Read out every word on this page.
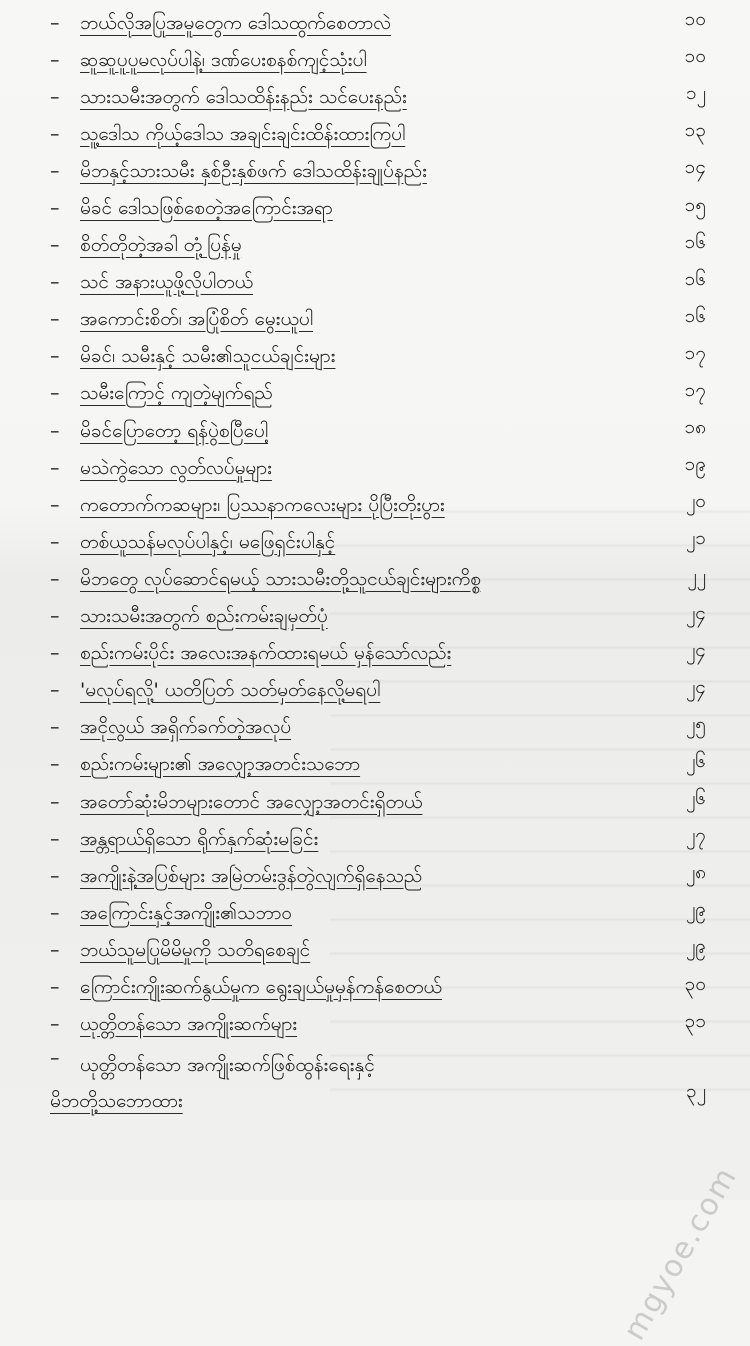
–	ဘယ်လိုအပြုအမူတွေက ဒေါသထွက်စေတာလဲ	၁၀
–	ဆူဆူပူပူမလုပ်ပါနဲ့၊ ဒဏ်ပေးစနစ်ကျင့်သုံးပါ	၁၀
–	သားသမီးအတွက် ဒေါသထိန်းနည်း သင်ပေးနည်း	၁၂
–	သူ့ဒေါသ ကိုယ့်ဒေါသ အချင်းချင်းထိန်းထားကြပါ	၁၃
–	မိဘနှင့်သားသမီး နှစ်ဦးနှစ်ဖက် ဒေါသထိန်းချုပ်နည်း	၁၄
–	မိခင် ဒေါသဖြစ်စေတဲ့အကြောင်းအရာ	၁၅
–	စိတ်တိုတဲ့အခါ တုံ့ပြန်မှု	၁၆
–	သင် အနားယူဖို့လိုပါတယ်	၁၆
–	အကောင်းစိတ်၊ အပြုံစိတ် မွေးယူပါ	၁၆
–	မိခင်၊ သမီးနှင့် သမီး၏သူငယ်ချင်းများ	၁၇
–	သမီးကြောင့် ကျတဲ့မျက်ရည်	၁၇
–	မိခင်ပြောတော့ ရန်ပွဲစပြီပေါ့	၁၈
–	မသဲကွဲသော လွတ်လပ်မှုများ	၁၉
–	ကတောက်ကဆများ၊ ပြဿနာကလေးများ ပိုပြီးတိုးပွား	၂၀
–	တစ်ယူသန်မလုပ်ပါနှင့်၊ မဖြေရှင်းပါနှင့်	၂၁
–	မိဘတွေ လုပ်ဆောင်ရမယ့် သားသမီးတို့သူငယ်ချင်းများကိစ္စ	၂၂
–	သားသမီးအတွက် စည်းကမ်းချမှတ်ပုံ	၂၄
–	စည်းကမ်းပိုင်း အလေးအနက်ထားရမယ် မှန်သော်လည်း	၂၄
–	'မလုပ်ရလို့' ယတိပြတ် သတ်မှတ်နေလို့မရပါ	၂၄
–	အငိုလွယ် အရှိက်ခက်တဲ့အလုပ်	၂၅
–	စည်းကမ်းများ၏ အလျှော့အတင်းသဘော	၂၆
–	အတော်ဆုံးမိဘများတောင် အလျှော့အတင်းရှိတယ်	၂၆
–	အန္တရာယ်ရှိသော ရိုက်နှက်ဆုံးမခြင်း	၂၇
–	အကျိုးနဲ့အပြစ်များ အမြဲတမ်းဒွန်တွဲလျက်ရှိနေသည်	၂၈
–	အကြောင်းနှင့်အကျိုး၏သဘာဝ	၂၉
–	ဘယ်သူမပြုမိမိမှုကို သတိရစေချင်	၂၉
–	ကြောင်းကျိုးဆက်နွယ်မှုက ရွေးချယ်မှုမှန်ကန်စေတယ်	၃၀
–	ယုတ္တိတန်သော အကျိုးဆက်များ	၃၁
–	ယုတ္တိတန်သော အကျိုးဆက်ဖြစ်ထွန်းရေးနှင့်
မိဘတို့သဘောထား	၃၂
mgyoe.com
